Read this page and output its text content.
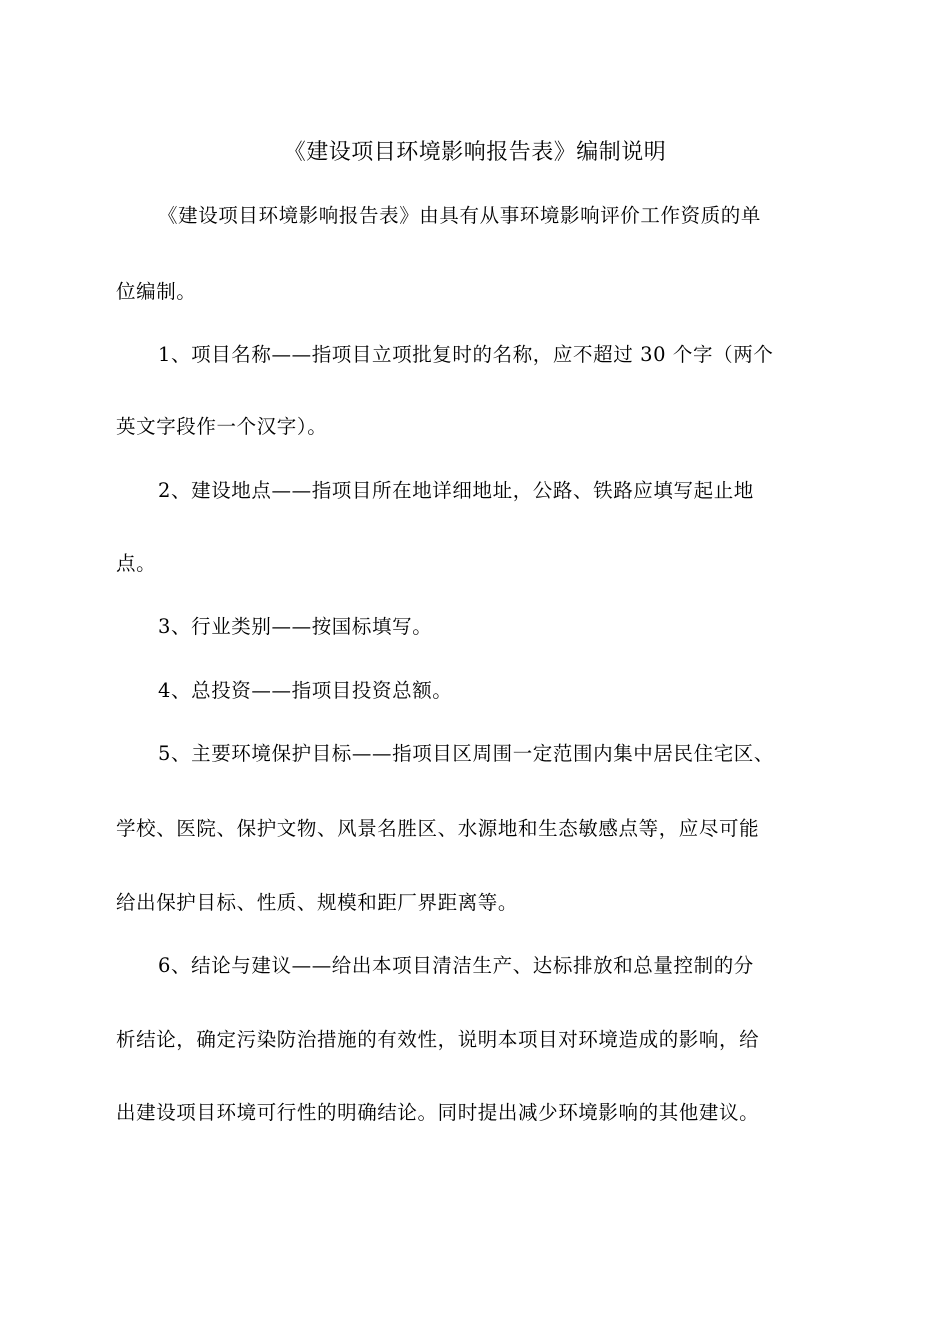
《建设项目环境影响报告表》编制说明
《建设项目环境影响报告表》由具有从事环境影响评价工作资质的单
位编制。
1、项目名称——指项目立项批复时的名称，应不超过 30 个字（两个
英文字段作一个汉字）。
2、建设地点——指项目所在地详细地址，公路、铁路应填写起止地
点。
3、行业类别——按国标填写。
4、总投资——指项目投资总额。
5、主要环境保护目标——指项目区周围一定范围内集中居民住宅区、
学校、医院、保护文物、风景名胜区、水源地和生态敏感点等，应尽可能
给出保护目标、性质、规模和距厂界距离等。
6、结论与建议——给出本项目清洁生产、达标排放和总量控制的分
析结论，确定污染防治措施的有效性，说明本项目对环境造成的影响，给
出建设项目环境可行性的明确结论。同时提出减少环境影响的其他建议。
